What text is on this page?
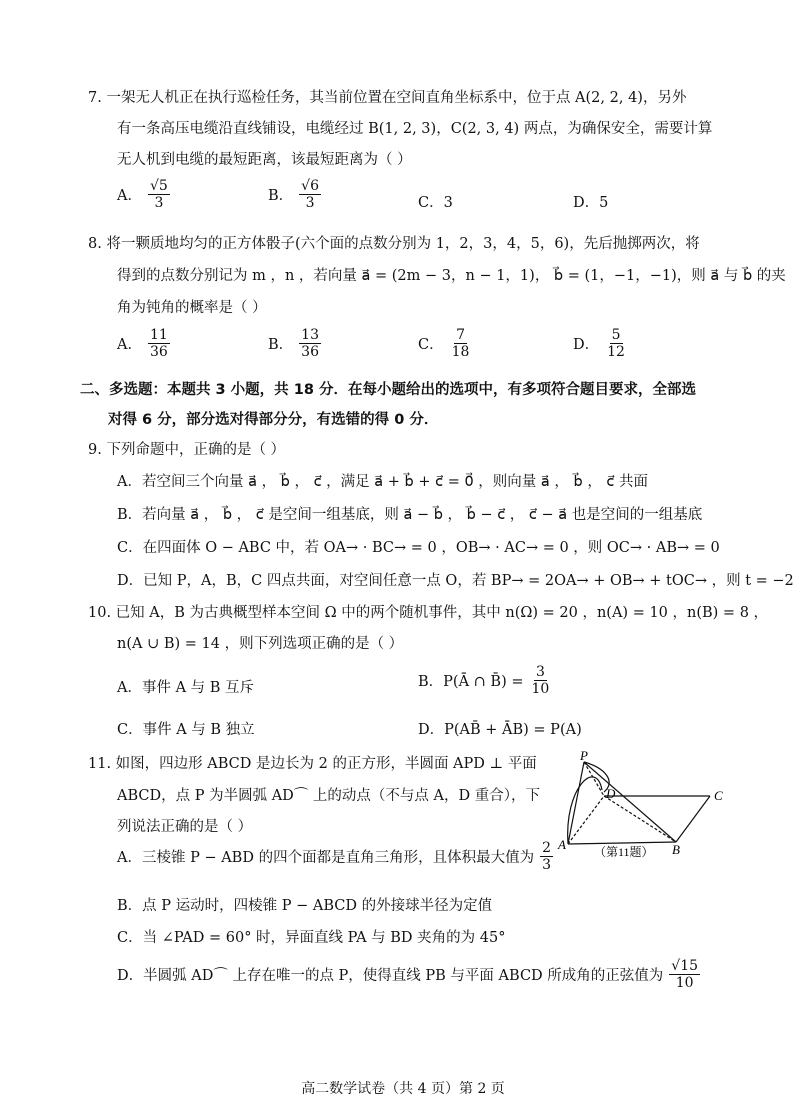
7. 一架无人机正在执行巡检任务，其当前位置在空间直角坐标系中，位于点 A(2, 2, 4)，另外
有一条高压电缆沿直线铺设，电缆经过 B(1, 2, 3)，C(2, 3, 4) 两点，为确保安全，需要计算
无人机到电缆的最短距离，该最短距离为（ ）
A． $\frac{√5}{3}$	B． $\frac{√6}{3}$	C．3	D．5
8. 将一颗质地均匀的正方体骰子(六个面的点数分别为 1，2，3，4，5，6)，先后抛掷两次，将
得到的点数分别记为 m ，n ，若向量 a⃗ = (2m − 3，n − 1，1)， b⃗ = (1，−1，−1)，则 a⃗ 与 b⃗ 的夹
角为钝角的概率是（ ）
A． $\frac{11}{36}$	B． $\frac{13}{36}$	C． $\frac{7}{18}$	D． $\frac{5}{12}$
二、多选题：本题共 3 小题，共 18 分．在每小题给出的选项中，有多项符合题目要求，全部选
对得 6 分，部分选对得部分分，有选错的得 0 分．
9. 下列命题中，正确的是（ ）
A．若空间三个向量 a⃗ ， b⃗ ， c⃗ ，满足 a⃗ + b⃗ + c⃗ = 0⃗ ，则向量 a⃗ ， b⃗ ， c⃗ 共面
B．若向量 a⃗ ， b⃗ ， c⃗ 是空间一组基底，则 a⃗ − b⃗ ， b⃗ − c⃗ ， c⃗ − a⃗ 也是空间的一组基底
C．在四面体 O − ABC 中，若 OA→ · BC→ = 0 ，OB→ · AC→ = 0 ，则 OC→ · AB→ = 0
D．已知 P，A，B，C 四点共面，对空间任意一点 O，若 BP→ = 2OA→ + OB→ + tOC→ ，则 t = −2
10. 已知 A，B 为古典概型样本空间 Ω 中的两个随机事件，其中 n(Ω) = 20 ，n(A) = 10 ，n(B) = 8 ，
n(A ∪ B) = 14 ，则下列选项正确的是（ ）
A．事件 A 与 B 互斥	B．P(Ā ∩ B̄) = $\frac{3}{10}$
C．事件 A 与 B 独立	D．P(AB̄ + ĀB) = P(A)
11. 如图，四边形 ABCD 是边长为 2 的正方形，半圆面 APD ⊥ 平面
ABCD，点 P 为半圆弧 AD⌒ 上的动点（不与点 A，D 重合），下
列说法正确的是（ ）
P
D	C
A	B
（第11题）
A．三棱锥 P − ABD 的四个面都是直角三角形，且体积最大值为 $\frac{2}{3}$
B．点 P 运动时，四棱锥 P − ABCD 的外接球半径为定值
C．当 ∠PAD = 60° 时，异面直线 PA 与 BD 夹角的为 45°
D．半圆弧 AD⌒ 上存在唯一的点 P，使得直线 PB 与平面 ABCD 所成角的正弦值为 $\frac{√15}{10}$
高二数学试卷（共 4 页）第 2 页
